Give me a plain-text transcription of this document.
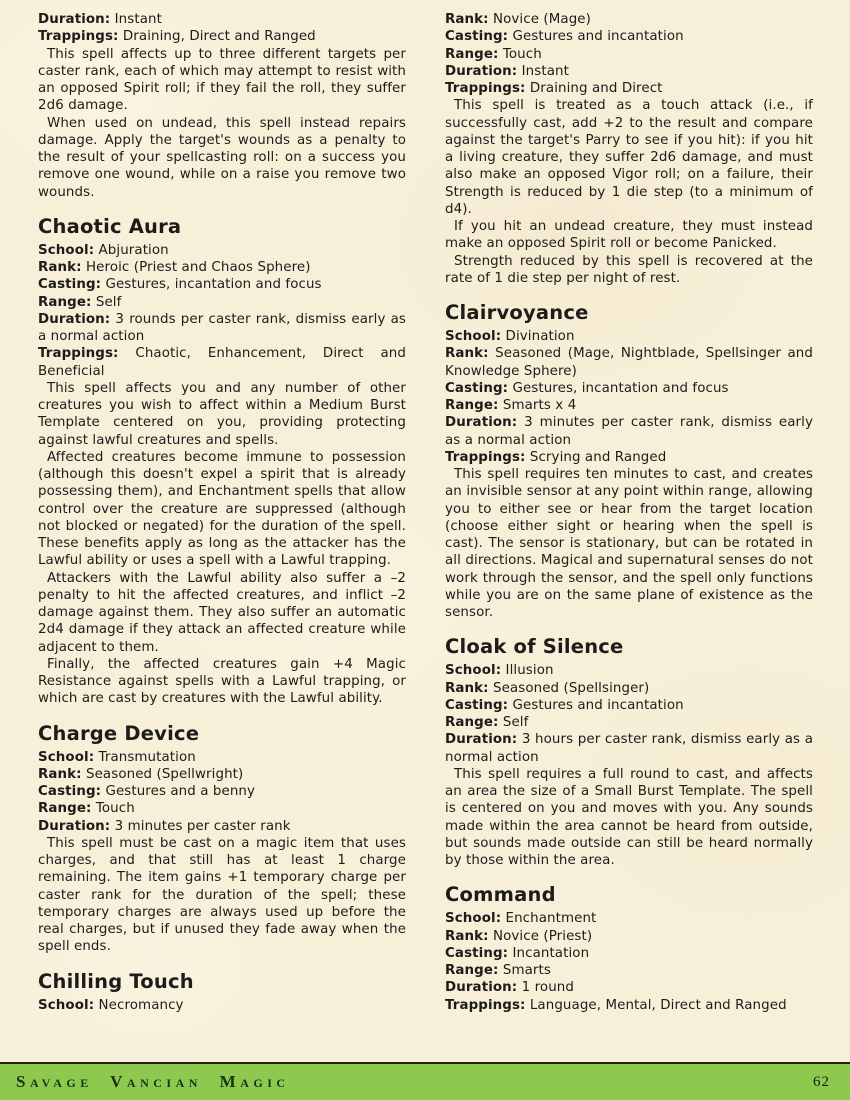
Duration: Instant
Trappings: Draining, Direct and Ranged

This spell affects up to three different targets per caster rank, each of which may attempt to resist with an opposed Spirit roll; if they fail the roll, they suffer 2d6 damage.

When used on undead, this spell instead repairs damage. Apply the target's wounds as a penalty to the result of your spellcasting roll: on a success you remove one wound, while on a raise you remove two wounds.

Chaotic Aura
School: Abjuration
Rank: Heroic (Priest and Chaos Sphere)
Casting: Gestures, incantation and focus
Range: Self
Duration: 3 rounds per caster rank, dismiss early as a normal action
Trappings: Chaotic, Enhancement, Direct and Beneficial

This spell affects you and any number of other creatures you wish to affect within a Medium Burst Template centered on you, providing protecting against lawful creatures and spells.

Affected creatures become immune to possession (although this doesn't expel a spirit that is already possessing them), and Enchantment spells that allow control over the creature are suppressed (although not blocked or negated) for the duration of the spell. These benefits apply as long as the attacker has the Lawful ability or uses a spell with a Lawful trapping.

Attackers with the Lawful ability also suffer a –2 penalty to hit the affected creatures, and inflict –2 damage against them. They also suffer an automatic 2d4 damage if they attack an affected creature while adjacent to them.

Finally, the affected creatures gain +4 Magic Resistance against spells with a Lawful trapping, or which are cast by creatures with the Lawful ability.

Charge Device
School: Transmutation
Rank: Seasoned (Spellwright)
Casting: Gestures and a benny
Range: Touch
Duration: 3 minutes per caster rank

This spell must be cast on a magic item that uses charges, and that still has at least 1 charge remaining. The item gains +1 temporary charge per caster rank for the duration of the spell; these temporary charges are always used up before the real charges, but if unused they fade away when the spell ends.

Chilling Touch
School: Necromancy
Rank: Novice (Mage)
Casting: Gestures and incantation
Range: Touch
Duration: Instant
Trappings: Draining and Direct

This spell is treated as a touch attack (i.e., if successfully cast, add +2 to the result and compare against the target's Parry to see if you hit): if you hit a living creature, they suffer 2d6 damage, and must also make an opposed Vigor roll; on a failure, their Strength is reduced by 1 die step (to a minimum of d4).

If you hit an undead creature, they must instead make an opposed Spirit roll or become Panicked.

Strength reduced by this spell is recovered at the rate of 1 die step per night of rest.

Clairvoyance
School: Divination
Rank: Seasoned (Mage, Nightblade, Spellsinger and Knowledge Sphere)
Casting: Gestures, incantation and focus
Range: Smarts x 4
Duration: 3 minutes per caster rank, dismiss early as a normal action
Trappings: Scrying and Ranged

This spell requires ten minutes to cast, and creates an invisible sensor at any point within range, allowing you to either see or hear from the target location (choose either sight or hearing when the spell is cast). The sensor is stationary, but can be rotated in all directions. Magical and supernatural senses do not work through the sensor, and the spell only functions while you are on the same plane of existence as the sensor.

Cloak of Silence
School: Illusion
Rank: Seasoned (Spellsinger)
Casting: Gestures and incantation
Range: Self
Duration: 3 hours per caster rank, dismiss early as a normal action

This spell requires a full round to cast, and affects an area the size of a Small Burst Template. The spell is centered on you and moves with you. Any sounds made within the area cannot be heard from outside, but sounds made outside can still be heard normally by those within the area.

Command
School: Enchantment
Rank: Novice (Priest)
Casting: Incantation
Range: Smarts
Duration: 1 round
Trappings: Language, Mental, Direct and Ranged
Savage Vancian Magic	62
